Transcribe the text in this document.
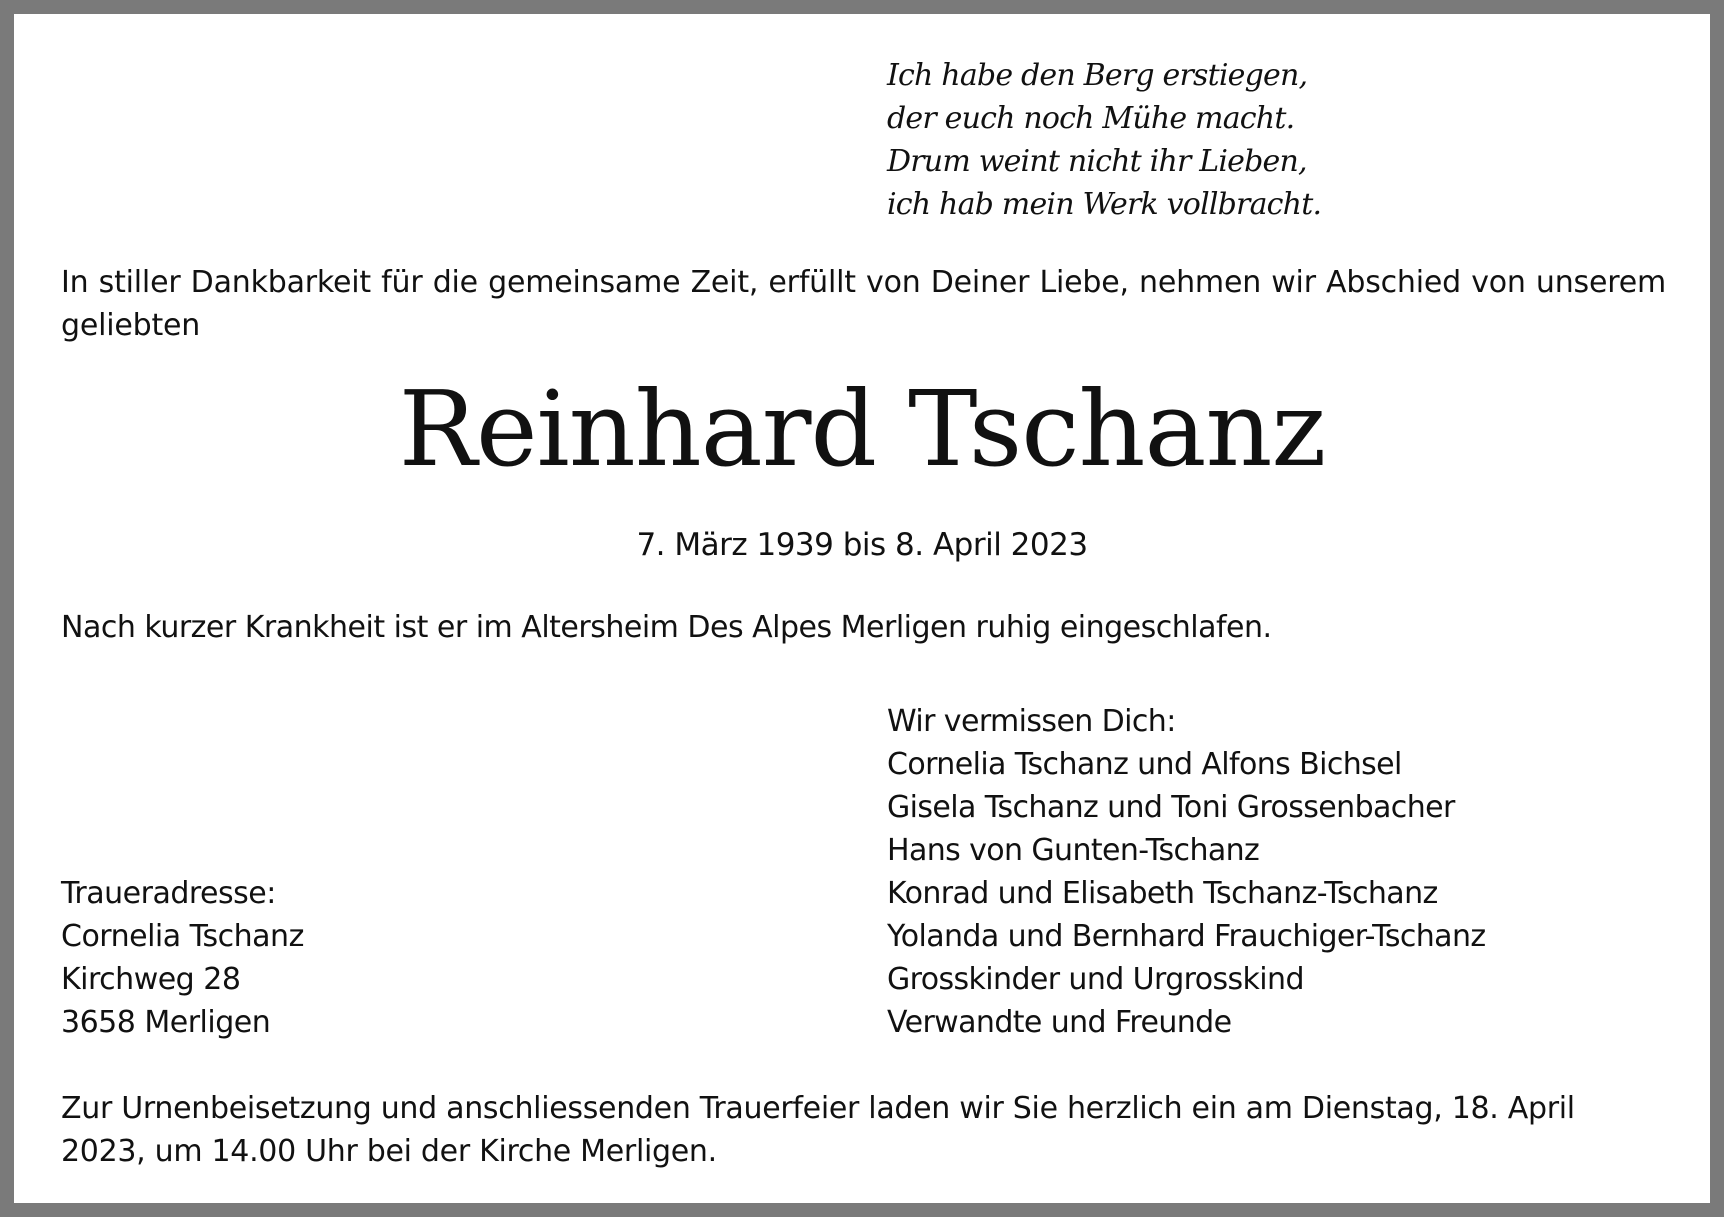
Ich habe den Berg erstiegen,
der euch noch Mühe macht.
Drum weint nicht ihr Lieben,
ich hab mein Werk vollbracht.
In stiller Dankbarkeit für die gemeinsame Zeit, erfüllt von Deiner Liebe, nehmen wir Abschied von unserem geliebten
Reinhard Tschanz
7. März 1939 bis 8. April 2023
Nach kurzer Krankheit ist er im Altersheim Des Alpes Merligen ruhig eingeschlafen.
Wir vermissen Dich:
Cornelia Tschanz und Alfons Bichsel
Gisela Tschanz und Toni Grossenbacher
Hans von Gunten-Tschanz
Konrad und Elisabeth Tschanz-Tschanz
Yolanda und Bernhard Frauchiger-Tschanz
Grosskinder und Urgrosskind
Verwandte und Freunde
Traueradresse:
Cornelia Tschanz
Kirchweg 28
3658 Merligen
Zur Urnenbeisetzung und anschliessenden Trauerfeier laden wir Sie herzlich ein am Dienstag, 18. April 2023, um 14.00 Uhr bei der Kirche Merligen.
